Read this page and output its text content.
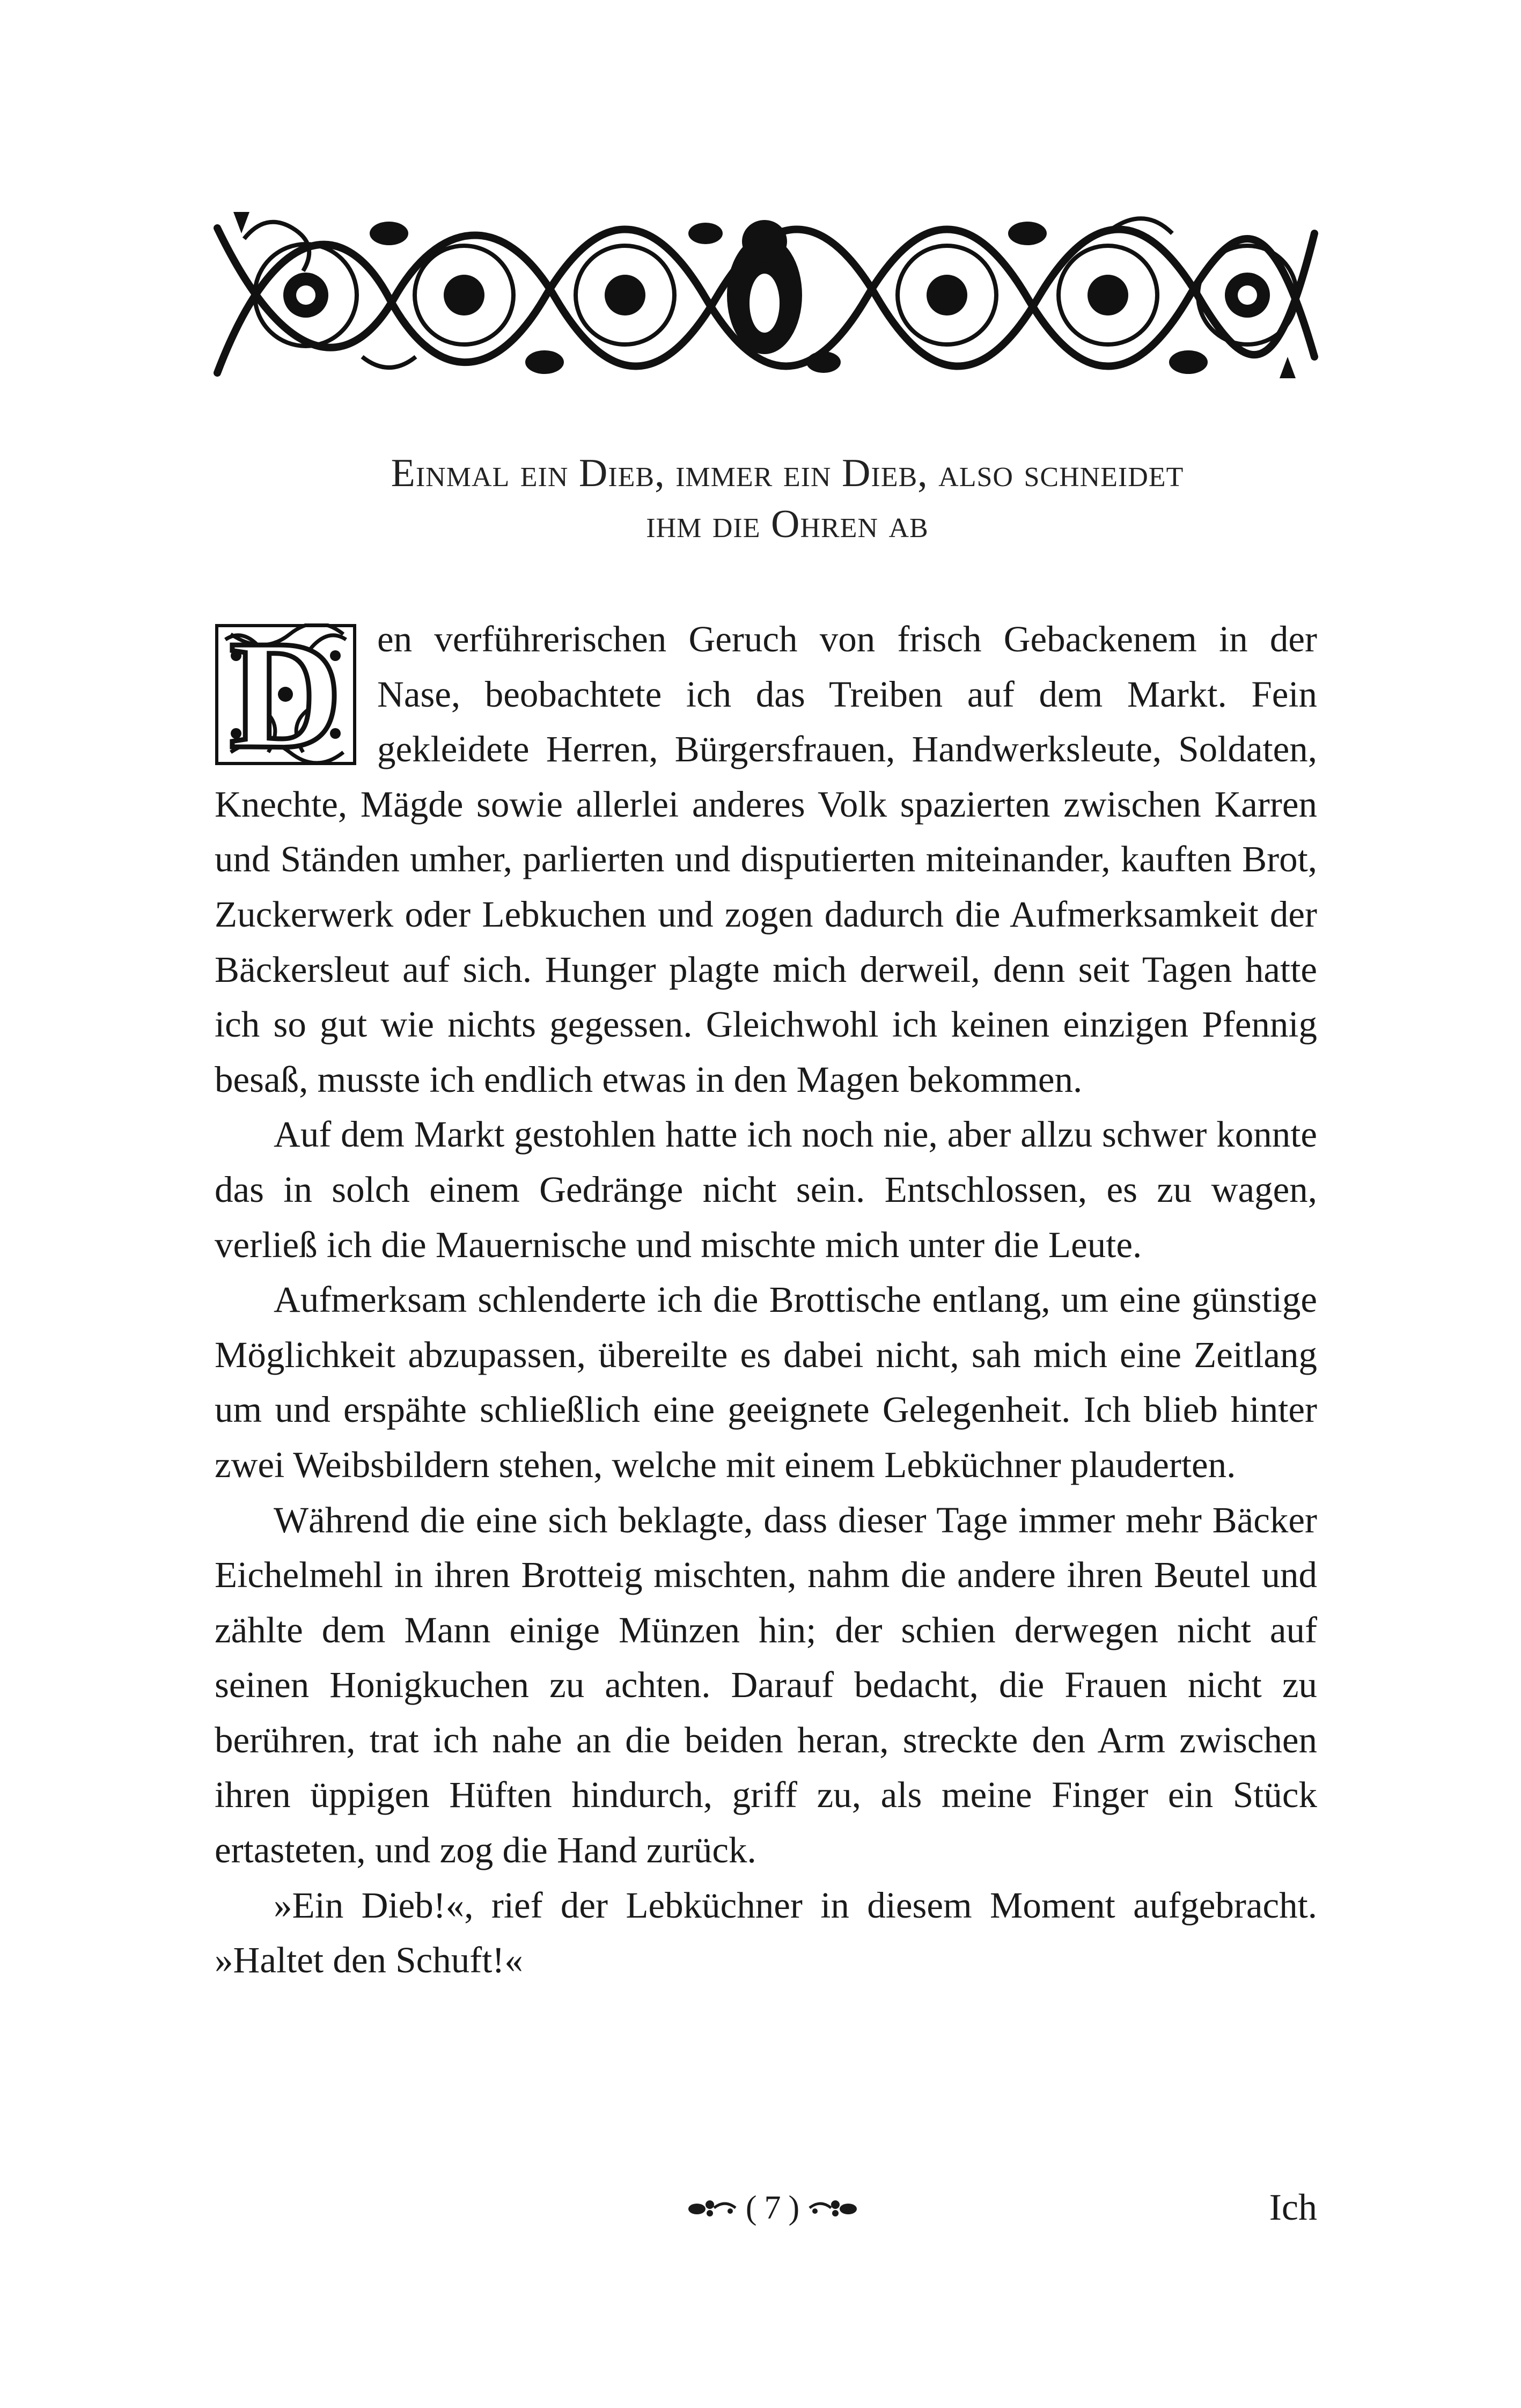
Einmal ein Dieb, immer ein Dieb, also schneidet
ihm die Ohren ab

D en verführerischen Geruch von frisch Gebackenem in der Nase, beobachtete ich das Treiben auf dem Markt. Fein gekleidete Herren, Bürgersfrauen, Handwerksleute, Soldaten, Knechte, Mägde sowie allerlei anderes Volk spazierten zwischen Karren und Ständen umher, parlierten und disputierten miteinander, kauften Brot, Zuckerwerk oder Lebkuchen und zogen dadurch die Aufmerksamkeit der Bäckersleut auf sich. Hunger plagte mich derweil, denn seit Tagen hatte ich so gut wie nichts gegessen. Gleichwohl ich keinen einzigen Pfennig besaß, musste ich endlich etwas in den Magen bekommen.

Auf dem Markt gestohlen hatte ich noch nie, aber allzu schwer konnte das in solch einem Gedränge nicht sein. Entschlossen, es zu wagen, verließ ich die Mauernische und mischte mich unter die Leute.

Aufmerksam schlenderte ich die Brottische entlang, um eine günstige Möglichkeit abzupassen, übereilte es dabei nicht, sah mich eine Zeitlang um und erspähte schließlich eine geeignete Gelegenheit. Ich blieb hinter zwei Weibsbildern stehen, welche mit einem Lebküchner plauderten.

Während die eine sich beklagte, dass dieser Tage immer mehr Bäcker Eichelmehl in ihren Brotteig mischten, nahm die andere ihren Beutel und zählte dem Mann einige Münzen hin; der schien derwegen nicht auf seinen Honigkuchen zu achten. Darauf bedacht, die Frauen nicht zu berühren, trat ich nahe an die beiden heran, streckte den Arm zwischen ihren üppigen Hüften hindurch, griff zu, als meine Finger ein Stück ertasteten, und zog die Hand zurück.

»Ein Dieb!«, rief der Lebküchner in diesem Moment aufgebracht. »Haltet den Schuft!«

( 7 )	Ich
